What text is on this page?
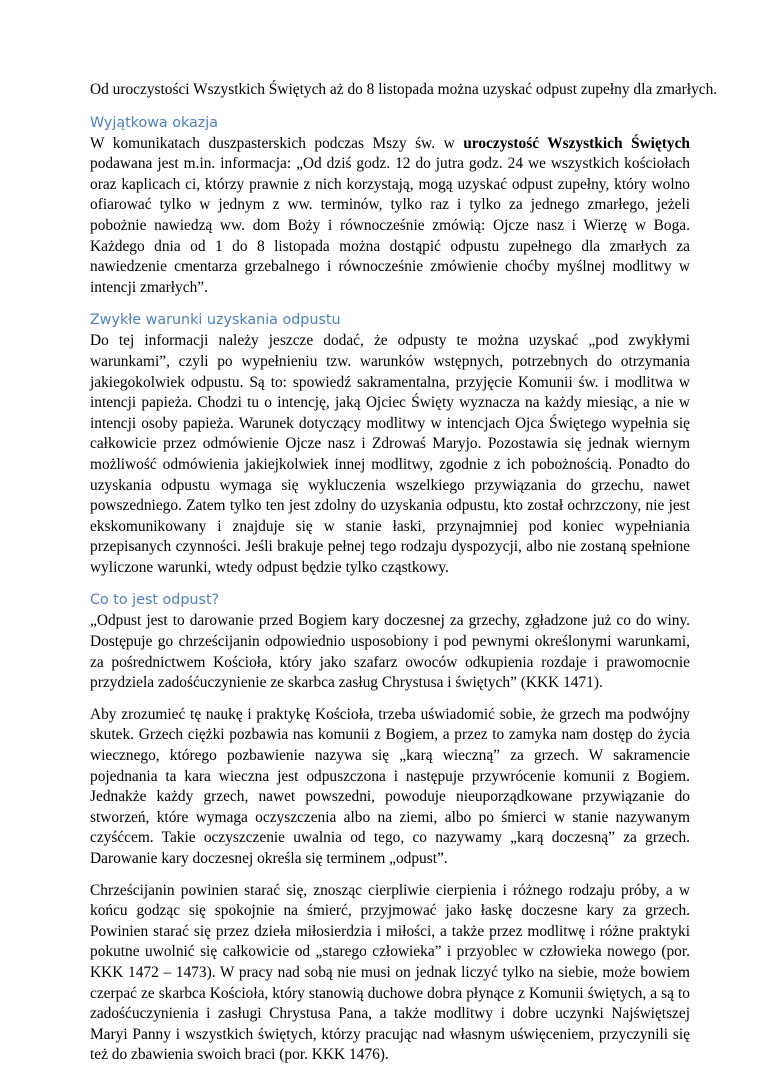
Od uroczystości Wszystkich Świętych aż do 8 listopada można uzyskać odpust zupełny dla zmarłych.

Wyjątkowa okazja

W komunikatach duszpasterskich podczas Mszy św. w uroczystość Wszystkich Świętych podawana jest m.in. informacja: „Od dziś godz. 12 do jutra godz. 24 we wszystkich kościołach oraz kaplicach ci, którzy prawnie z nich korzystają, mogą uzyskać odpust zupełny, który wolno ofiarować tylko w jednym z ww. terminów, tylko raz i tylko za jednego zmarłego, jeżeli pobożnie nawiedzą ww. dom Boży i równocześnie zmówią: Ojcze nasz i Wierzę w Boga. Każdego dnia od 1 do 8 listopada można dostąpić odpustu zupełnego dla zmarłych za nawiedzenie cmentarza grzebalnego i równocześnie zmówienie choćby myślnej modlitwy w intencji zmarłych”.

Zwykłe warunki uzyskania odpustu

Do tej informacji należy jeszcze dodać, że odpusty te można uzyskać „pod zwykłymi warunkami”, czyli po wypełnieniu tzw. warunków wstępnych, potrzebnych do otrzymania jakiegokolwiek odpustu. Są to: spowiedź sakramentalna, przyjęcie Komunii św. i modlitwa w intencji papieża. Chodzi tu o intencję, jaką Ojciec Święty wyznacza na każdy miesiąc, a nie w intencji osoby papieża. Warunek dotyczący modlitwy w intencjach Ojca Świętego wypełnia się całkowicie przez odmówienie Ojcze nasz i Zdrowaś Maryjo. Pozostawia się jednak wiernym możliwość odmówienia jakiejkolwiek innej modlitwy, zgodnie z ich pobożnością. Ponadto do uzyskania odpustu wymaga się wykluczenia wszelkiego przywiązania do grzechu, nawet powszedniego. Zatem tylko ten jest zdolny do uzyskania odpustu, kto został ochrzczony, nie jest ekskomunikowany i znajduje się w stanie łaski, przynajmniej pod koniec wypełniania przepisanych czynności. Jeśli brakuje pełnej tego rodzaju dyspozycji, albo nie zostaną spełnione wyliczone warunki, wtedy odpust będzie tylko cząstkowy.

Co to jest odpust?

„Odpust jest to darowanie przed Bogiem kary doczesnej za grzechy, zgładzone już co do winy. Dostępuje go chrześcijanin odpowiednio usposobiony i pod pewnymi określonymi warunkami, za pośrednictwem Kościoła, który jako szafarz owoców odkupienia rozdaje i prawomocnie przydziela zadośćuczynienie ze skarbca zasług Chrystusa i świętych” (KKK 1471).

Aby zrozumieć tę naukę i praktykę Kościoła, trzeba uświadomić sobie, że grzech ma podwójny skutek. Grzech ciężki pozbawia nas komunii z Bogiem, a przez to zamyka nam dostęp do życia wiecznego, którego pozbawienie nazywa się „karą wieczną” za grzech. W sakramencie pojednania ta kara wieczna jest odpuszczona i następuje przywrócenie komunii z Bogiem. Jednakże każdy grzech, nawet powszedni, powoduje nieuporządkowane przywiązanie do stworzeń, które wymaga oczyszczenia albo na ziemi, albo po śmierci w stanie nazywanym czyśćcem. Takie oczyszczenie uwalnia od tego, co nazywamy „karą doczesną” za grzech. Darowanie kary doczesnej określa się terminem „odpust”.

Chrześcijanin powinien starać się, znosząc cierpliwie cierpienia i różnego rodzaju próby, a w końcu godząc się spokojnie na śmierć, przyjmować jako łaskę doczesne kary za grzech. Powinien starać się przez dzieła miłosierdzia i miłości, a także przez modlitwę i różne praktyki pokutne uwolnić się całkowicie od „starego człowieka” i przyoblec w człowieka nowego (por. KKK 1472 – 1473). W pracy nad sobą nie musi on jednak liczyć tylko na siebie, może bowiem czerpać ze skarbca Kościoła, który stanowią duchowe dobra płynące z Komunii świętych, a są to zadośćuczynienia i zasługi Chrystusa Pana, a także modlitwy i dobre uczynki Najświętszej Maryi Panny i wszystkich świętych, którzy pracując nad własnym uświęceniem, przyczynili się też do zbawienia swoich braci (por. KKK 1476).
